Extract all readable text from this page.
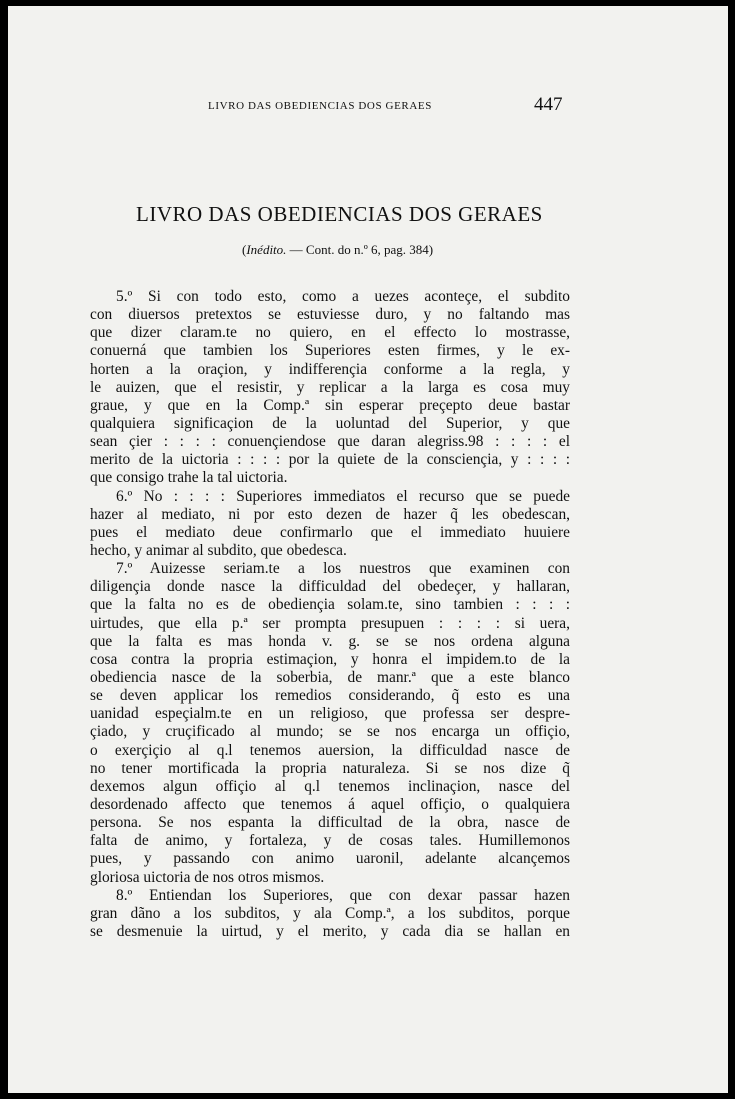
LIVRO DAS OBEDIENCIAS DOS GERAES	447
LIVRO DAS OBEDIENCIAS DOS GERAES
(Inédito. — Cont. do n.º 6, pag. 384)
5.º Si con todo esto, como a uezes aconteçe, el subdito
con diuersos pretextos se estuviesse duro, y no faltando mas
que dizer claram.te no quiero, en el effecto lo mostrasse,
conuerná que tambien los Superiores esten firmes, y le ex-
horten a la oraçion, y indifferençia conforme a la regla, y
le auizen, que el resistir, y replicar a la larga es cosa muy
graue, y que en la Comp.ª sin esperar preçepto deue bastar
qualquiera significaçion de la uoluntad del Superior, y que
sean çier : : : : conuençiendose que daran alegriss.98 : : : : el
merito de la uictoria : : : : por la quiete de la consciençia, y : : : :
que consigo trahe la tal uictoria.
6.º No : : : : Superiores immediatos el recurso que se puede
hazer al mediato, ni por esto dezen de hazer q̃ les obedescan,
pues el mediato deue confirmarlo que el immediato huuiere
hecho, y animar al subdito, que obedesca.
7.º Auizesse seriam.te a los nuestros que examinen con
diligençia donde nasce la difficuldad del obedeçer, y hallaran,
que la falta no es de obediençia solam.te, sino tambien : : : :
uirtudes, que ella p.ª ser prompta presupuen : : : : si uera,
que la falta es mas honda v. g. se se nos ordena alguna
cosa contra la propria estimaçion, y honra el impidem.to de la
obediencia nasce de la soberbia, de manr.ª que a este blanco
se deven applicar los remedios considerando, q̃ esto es una
uanidad espeçialm.te en un religioso, que professa ser despre-
çiado, y cruçificado al mundo; se se nos encarga un offiçio,
o exerçiçio al q.l tenemos auersion, la difficuldad nasce de
no tener mortificada la propria naturaleza. Si se nos dize q̃
dexemos algun offiçio al q.l tenemos inclinaçion, nasce del
desordenado affecto que tenemos á aquel offiçio, o qualquiera
persona. Se nos espanta la difficultad de la obra, nasce de
falta de animo, y fortaleza, y de cosas tales. Humillemonos
pues, y passando con animo uaronil, adelante alcançemos
gloriosa uictoria de nos otros mismos.
8.º Entiendan los Superiores, que con dexar passar hazen
gran dãno a los subditos, y ala Comp.ª, a los subditos, porque
se desmenuie la uirtud, y el merito, y cada dia se hallan en
